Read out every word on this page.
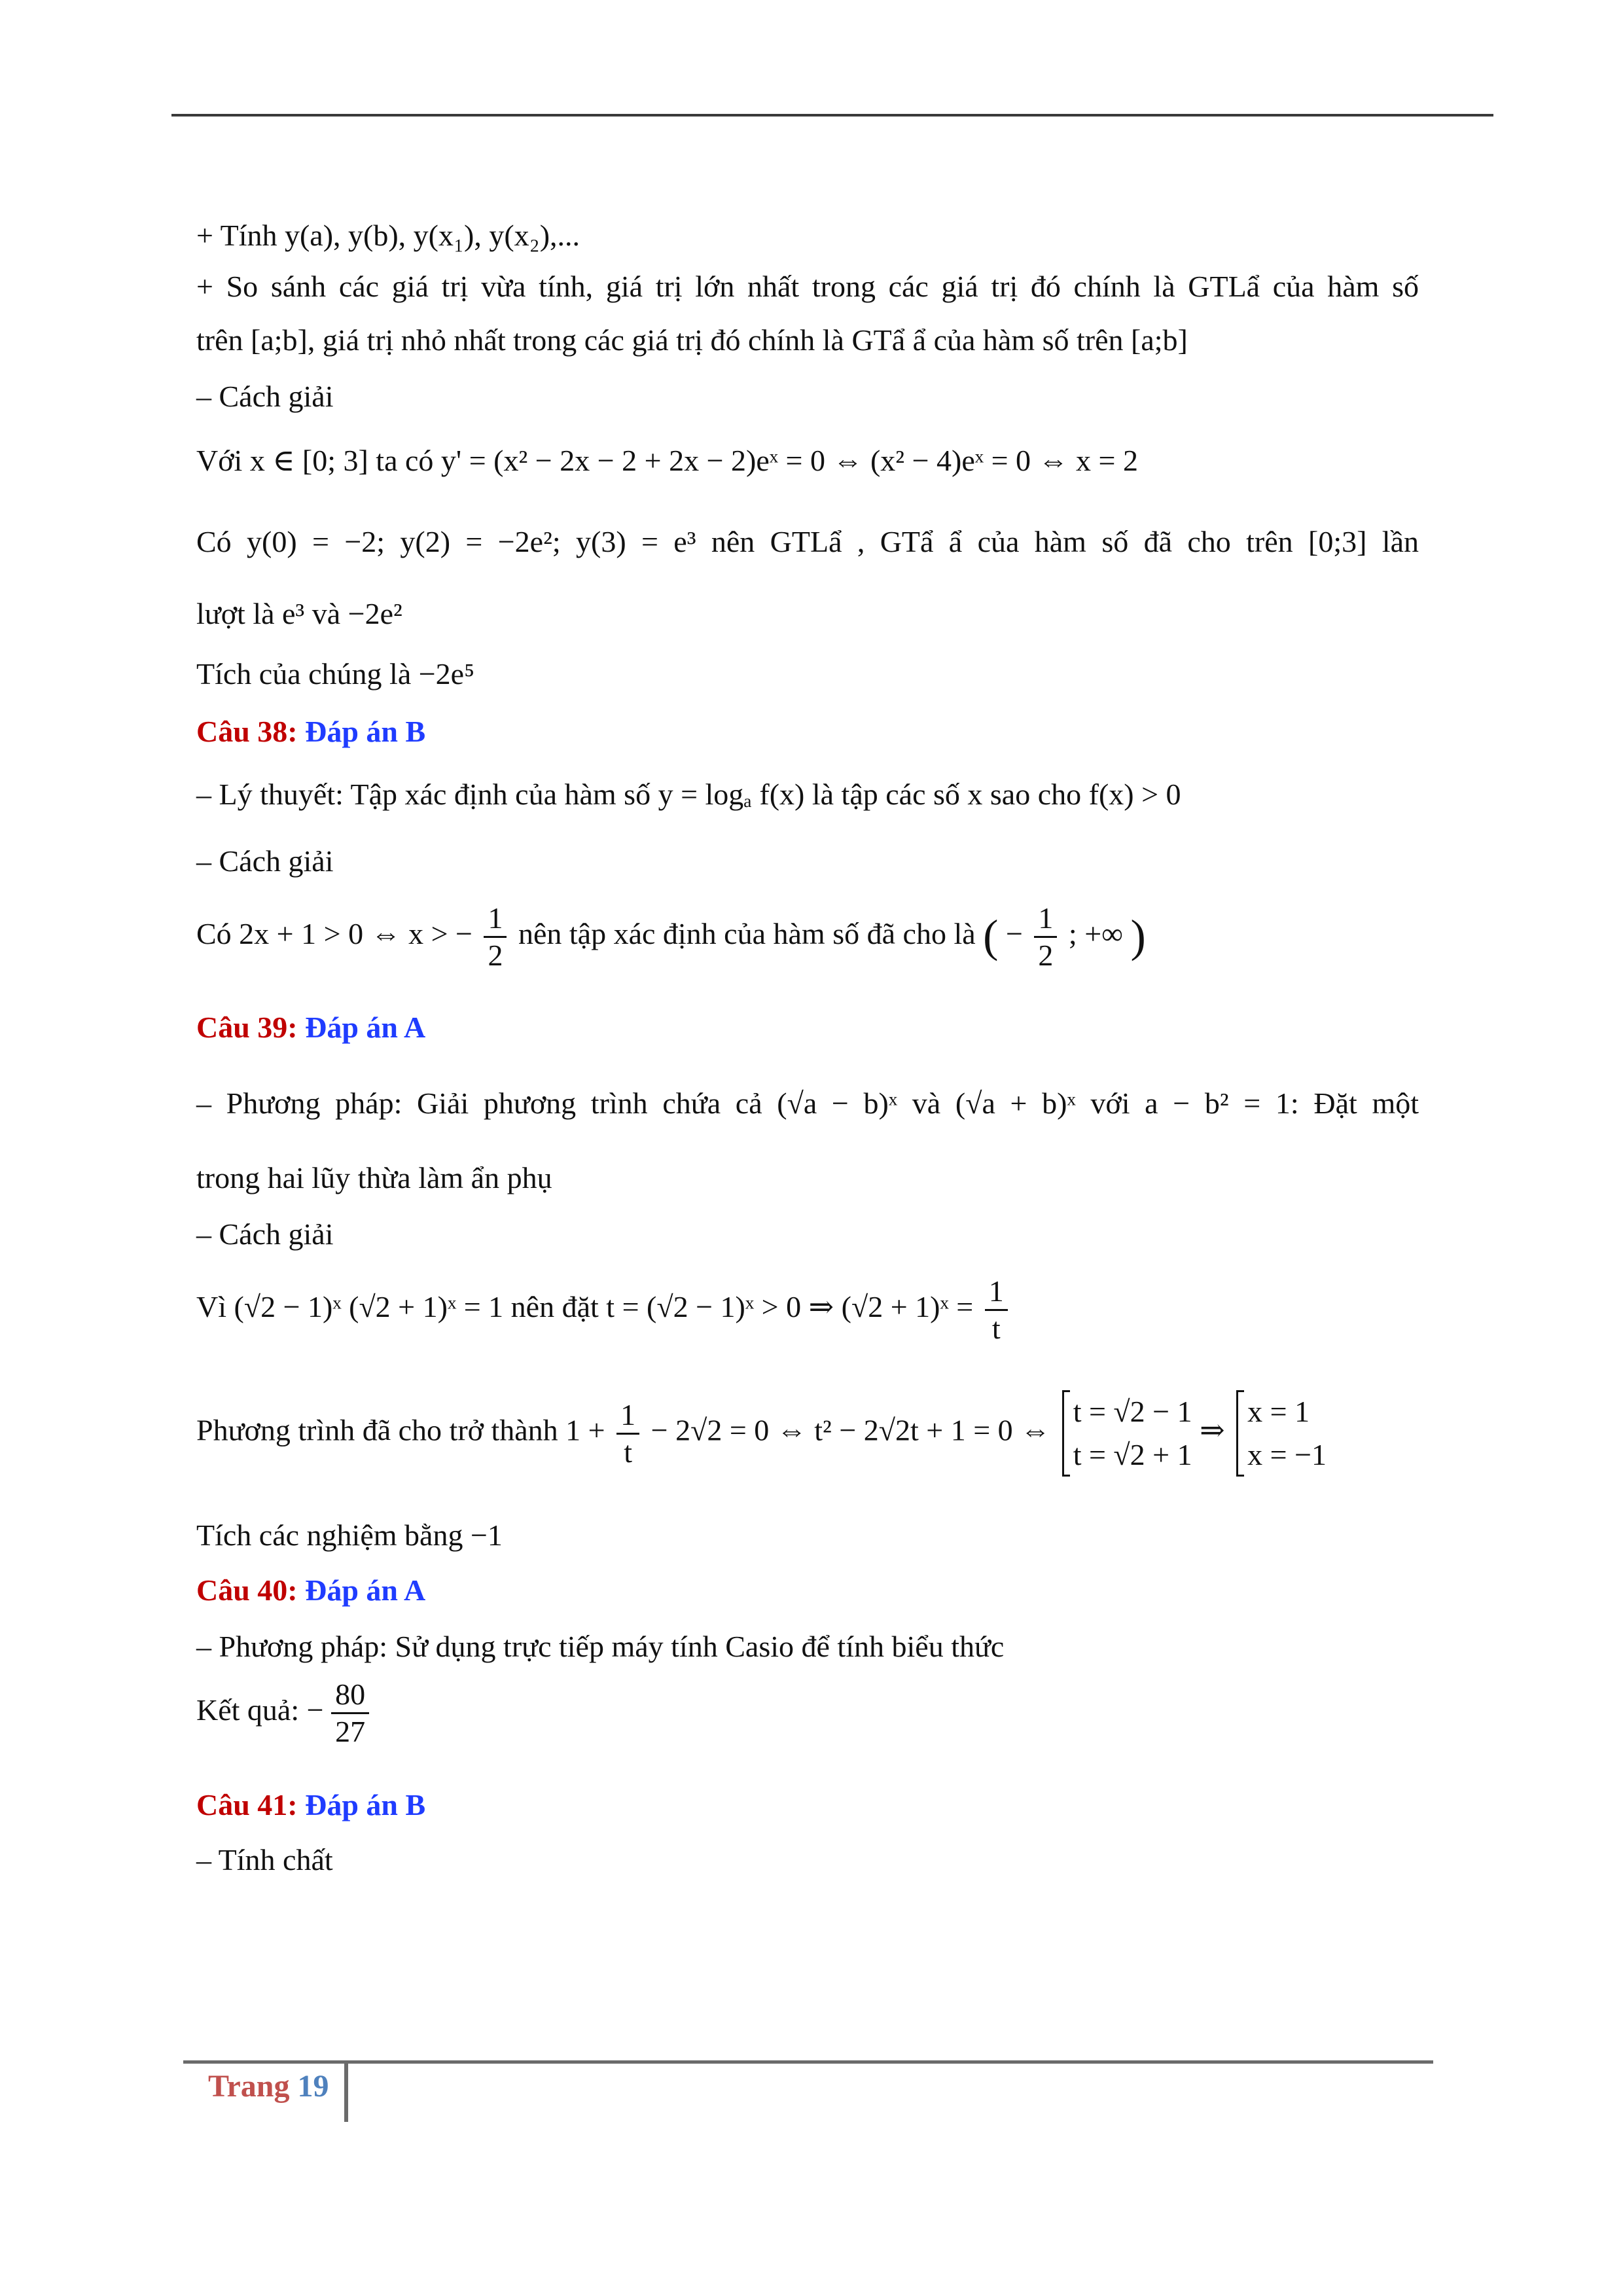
+ Tính y(a), y(b), y(x₁), y(x₂),...
+ So sánh các giá trị vừa tính, giá trị lớn nhất trong các giá trị đó chính là GTLẩ của hàm số
trên [a;b], giá trị nhỏ nhất trong các giá trị đó chính là GTẩ ẩ của hàm số trên [a;b]
– Cách giải
Với x ∈ [0; 3] ta có y' = (x² − 2x − 2 + 2x − 2)eˣ = 0 ⇔ (x² − 4)eˣ = 0 ⇔ x = 2
Có y(0) = −2; y(2) = −2e²; y(3) = e³ nên GTLẩ , GTẩ ẩ của hàm số đã cho trên [0;3] lần
lượt là e³ và −2e²
Tích của chúng là −2e⁵
Câu 38: Đáp án B
– Lý thuyết: Tập xác định của hàm số y = logₐ f(x) là tập các số x sao cho f(x) > 0
– Cách giải
Có 2x + 1 > 0 ⇔ x > − $\frac{1}{2}$ nên tập xác định của hàm số đã cho là ( − $\frac{1}{2}$ ; +∞ )
Câu 39: Đáp án A
– Phương pháp: Giải phương trình chứa cả (√a − b)ˣ và (√a + b)ˣ với a − b² = 1: Đặt một
trong hai lũy thừa làm ẩn phụ
– Cách giải
Vì (√2 − 1)ˣ (√2 + 1)ˣ = 1 nên đặt t = (√2 − 1)ˣ > 0 ⇒ (√2 + 1)ˣ = $\frac{1}{t}$
Phương trình đã cho trở thành $1 + \frac{1}{t} - 2√2 = 0$ ⇔ t² − 2√2t + 1 = 0 ⇔
t = √2 − 1
t = √2 + 1
⇒
x = 1
x = −1
Tích các nghiệm bằng −1
Câu 40: Đáp án A
– Phương pháp: Sử dụng trực tiếp máy tính Casio để tính biểu thức
Kết quả: − $\frac{80}{27}$
Câu 41: Đáp án B
– Tính chất
Trang 19
